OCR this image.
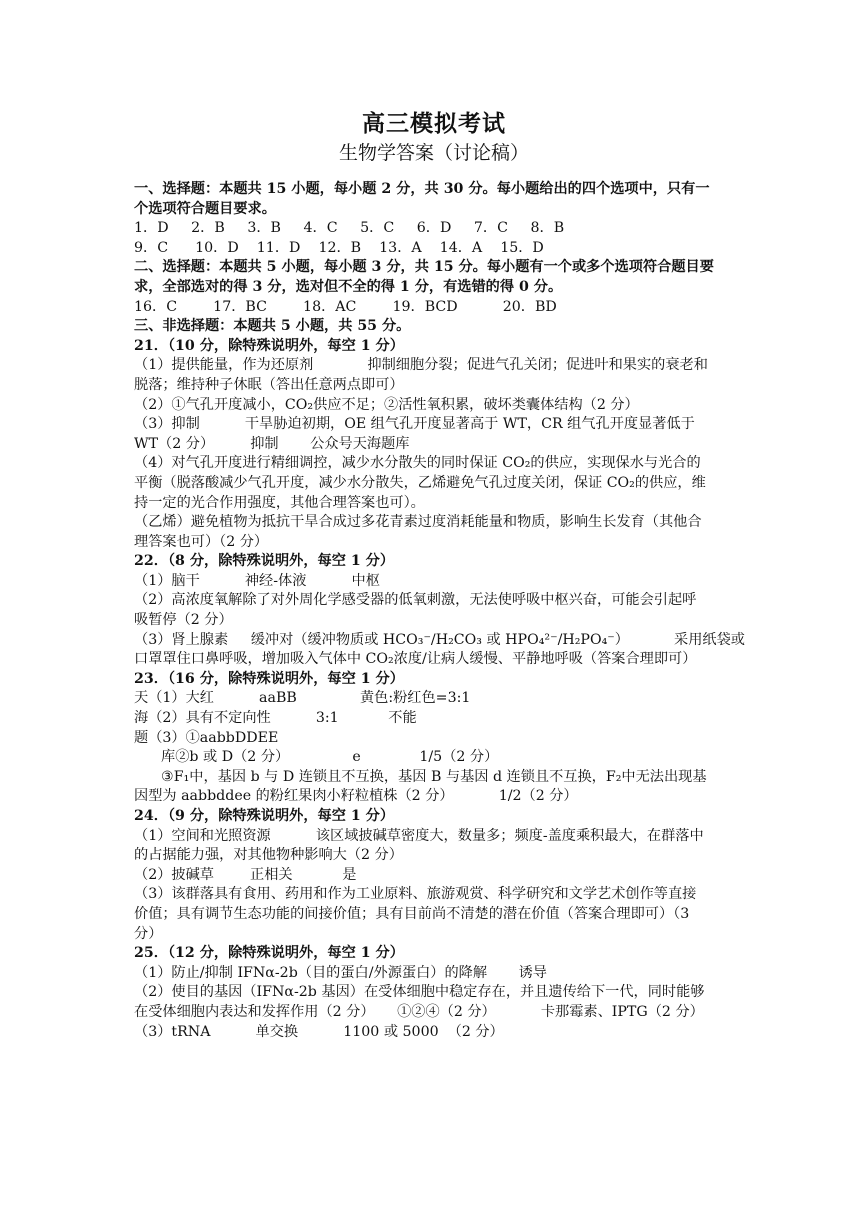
高三模拟考试
生物学答案（讨论稿）
一、选择题：本题共 15 小题，每小题 2 分，共 30 分。每小题给出的四个选项中，只有一
个选项符合题目要求。
1．D     2．B     3．B     4．C     5．C     6．D     7．C     8．B
9．C      10．D    11．D    12．B    13．A    14．A    15．D
二、选择题：本题共 5 小题，每小题 3 分，共 15 分。每小题有一个或多个选项符合题目要
求，全部选对的得 3 分，选对但不全的得 1 分，有选错的得 0 分。
16．C        17．BC        18．AC        19．BCD          20．BD
三、非选择题：本题共 5 小题，共 55 分。
21．（10 分，除特殊说明外，每空 1 分）
（1）提供能量，作为还原剂            抑制细胞分裂；促进气孔关闭；促进叶和果实的衰老和
脱落；维持种子休眠（答出任意两点即可）
（2）①气孔开度减小，CO₂供应不足；②活性氧积累，破坏类囊体结构（2 分）
（3）抑制          干旱胁迫初期，OE 组气孔开度显著高于 WT，CR 组气孔开度显著低于
WT（2 分）        抑制       公众号天海题库
（4）对气孔开度进行精细调控，减少水分散失的同时保证 CO₂的供应，实现保水与光合的
平衡（脱落酸减少气孔开度，减少水分散失，乙烯避免气孔过度关闭，保证 CO₂的供应，维
持一定的光合作用强度，其他合理答案也可）。
（乙烯）避免植物为抵抗干旱合成过多花青素过度消耗能量和物质，影响生长发育（其他合
理答案也可）（2 分）
22．（8 分，除特殊说明外，每空 1 分）
（1）脑干          神经-体液          中枢
（2）高浓度氧解除了对外周化学感受器的低氧刺激，无法使呼吸中枢兴奋，可能会引起呼
吸暂停（2 分）
（3）肾上腺素     缓冲对（缓冲物质或 HCO₃⁻/H₂CO₃ 或 HPO₄²⁻/H₂PO₄⁻）          采用纸袋或
口罩罩住口鼻呼吸，增加吸入气体中 CO₂浓度/让病人缓慢、平静地呼吸（答案合理即可）
23．（16 分，除特殊说明外，每空 1 分）
天（1）大红          aaBB              黄色:粉红色=3:1
海（2）具有不定向性          3:1           不能
题（3）①aabbDDEE
库②b 或 D（2 分）              e             1/5（2 分）
③F₁中，基因 b 与 D 连锁且不互换，基因 B 与基因 d 连锁且不互换，F₂中无法出现基
因型为 aabbddee 的粉红果肉小籽粒植株（2 分）          1/2（2 分）
24．（9 分，除特殊说明外，每空 1 分）
（1）空间和光照资源          该区域披碱草密度大，数量多；频度-盖度乘积最大，在群落中
的占据能力强，对其他物种影响大（2 分）
（2）披碱草        正相关           是
（3）该群落具有食用、药用和作为工业原料、旅游观赏、科学研究和文学艺术创作等直接
价值；具有调节生态功能的间接价值；具有目前尚不清楚的潜在价值（答案合理即可）（3
分）
25．（12 分，除特殊说明外，每空 1 分）
（1）防止/抑制 IFNα-2b（目的蛋白/外源蛋白）的降解       诱导
（2）使目的基因（IFNα-2b 基因）在受体细胞中稳定存在，并且遗传给下一代，同时能够
在受体细胞内表达和发挥作用（2 分）     ①②④（2 分）          卡那霉素、IPTG（2 分）
（3）tRNA          单交换          1100 或 5000  （2 分）
